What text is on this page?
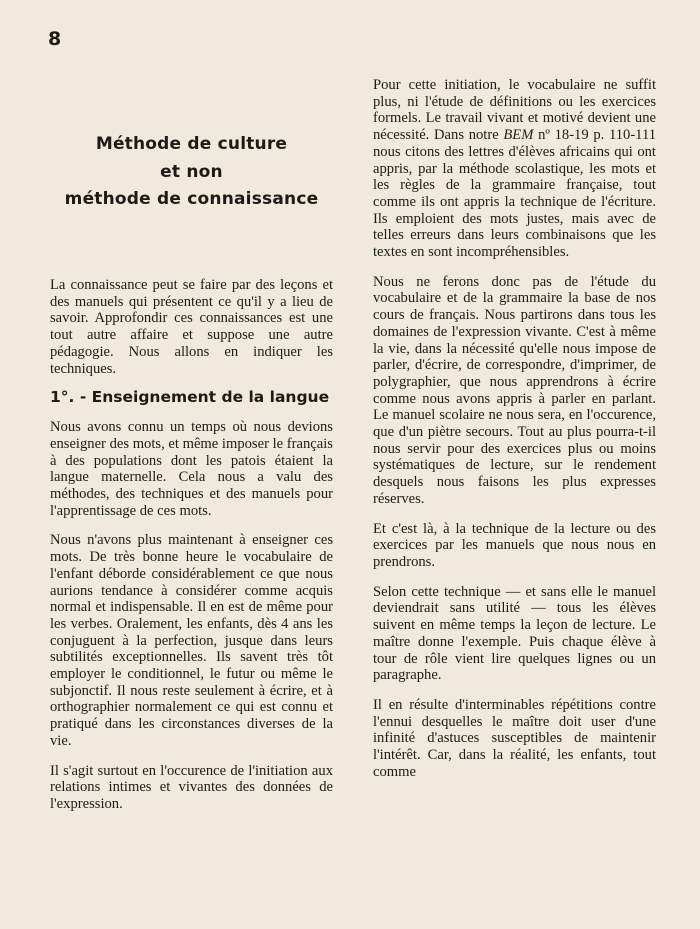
8
Méthode de culture
et non
méthode de connaissance

La connaissance peut se faire par des leçons et des manuels qui présentent ce qu'il y a lieu de savoir. Approfondir ces connaissances est une tout autre affaire et suppose une autre pédagogie. Nous allons en indiquer les techniques.

1°. - Enseignement de la langue

Nous avons connu un temps où nous devions enseigner des mots, et même imposer le français à des populations dont les patois étaient la langue maternelle. Cela nous a valu des méthodes, des techniques et des manuels pour l'apprentissage de ces mots.

Nous n'avons plus maintenant à enseigner ces mots. De très bonne heure le vocabulaire de l'enfant déborde considérablement ce que nous aurions tendance à considérer comme acquis normal et indispensable. Il en est de même pour les verbes. Oralement, les enfants, dès 4 ans les conjuguent à la perfection, jusque dans leurs subtilités exceptionnelles. Ils savent très tôt employer le conditionnel, le futur ou même le subjonctif. Il nous reste seulement à écrire, et à orthographier normalement ce qui est connu et pratiqué dans les circonstances diverses de la vie.

Il s'agit surtout en l'occurence de l'initiation aux relations intimes et vivantes des données de l'expression.

Pour cette initiation, le vocabulaire ne suffit plus, ni l'étude de définitions ou les exercices formels. Le travail vivant et motivé devient une nécessité. Dans notre BEM nº 18-19 p. 110-111 nous citons des lettres d'élèves africains qui ont appris, par la méthode scolastique, les mots et les règles de la grammaire française, tout comme ils ont appris la technique de l'écriture. Ils emploient des mots justes, mais avec de telles erreurs dans leurs combinaisons que les textes en sont incompréhensibles.

Nous ne ferons donc pas de l'étude du vocabulaire et de la grammaire la base de nos cours de français. Nous partirons dans tous les domaines de l'expression vivante. C'est à même la vie, dans la nécessité qu'elle nous impose de parler, d'écrire, de correspondre, d'imprimer, de polygraphier, que nous apprendrons à écrire comme nous avons appris à parler en parlant. Le manuel scolaire ne nous sera, en l'occurence, que d'un piètre secours. Tout au plus pourra-t-il nous servir pour des exercices plus ou moins systématiques de lecture, sur le rendement desquels nous faisons les plus expresses réserves.

Et c'est là, à la technique de la lecture ou des exercices par les manuels que nous nous en prendrons.

Selon cette technique — et sans elle le manuel deviendrait sans utilité — tous les élèves suivent en même temps la leçon de lecture. Le maître donne l'exemple. Puis chaque élève à tour de rôle vient lire quelques lignes ou un paragraphe.

Il en résulte d'interminables répétitions contre l'ennui desquelles le maître doit user d'une infinité d'astuces susceptibles de maintenir l'intérêt. Car, dans la réalité, les enfants, tout comme
